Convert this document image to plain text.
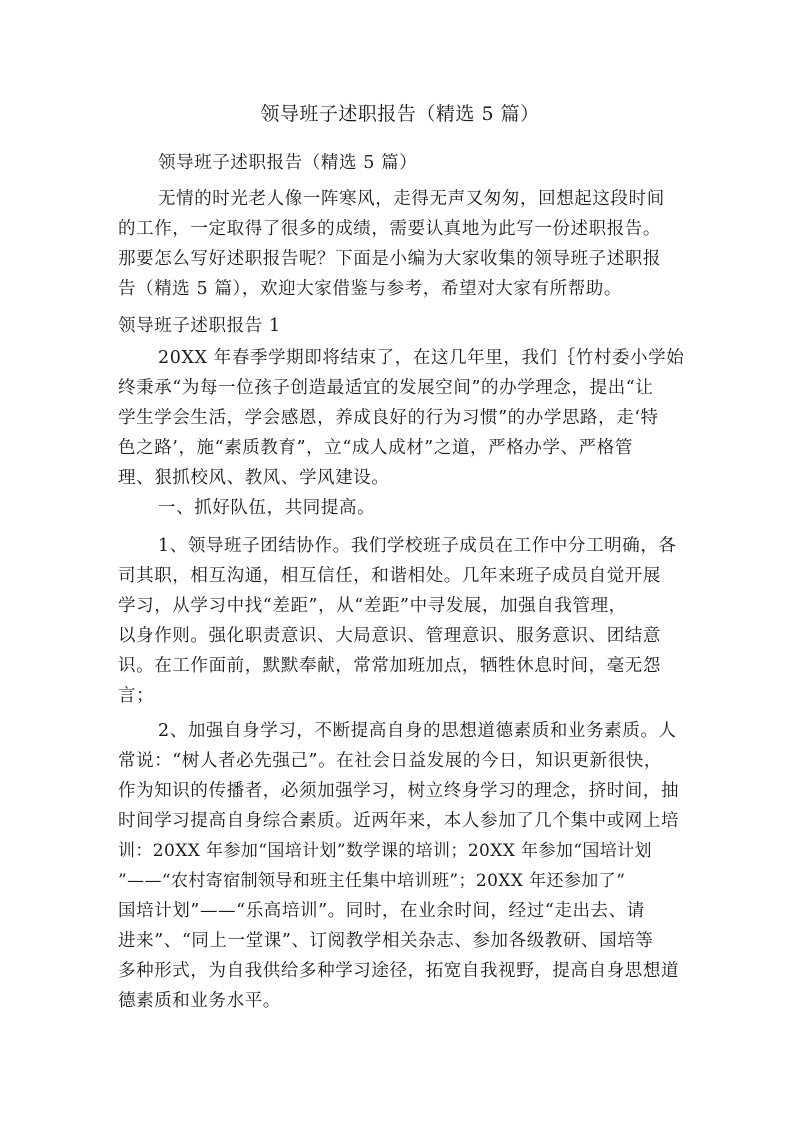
领导班子述职报告（精选 5 篇）
领导班子述职报告（精选 5 篇）
无情的时光老人像一阵寒风，走得无声又匆匆，回想起这段时间
的工作，一定取得了很多的成绩，需要认真地为此写一份述职报告。
那要怎么写好述职报告呢？下面是小编为大家收集的领导班子述职报
告（精选 5 篇），欢迎大家借鉴与参考，希望对大家有所帮助。
领导班子述职报告 1
20XX 年春季学期即将结束了，在这几年里，我们｛竹村委小学始
终秉承“为每一位孩子创造最适宜的发展空间”的办学理念，提出“让
学生学会生活，学会感恩，养成良好的行为习惯”的办学思路，走‘特
色之路’，施“素质教育”，立“成人成材”之道，严格办学、严格管
理、狠抓校风、教风、学风建设。
一、抓好队伍，共同提高。
1、领导班子团结协作。我们学校班子成员在工作中分工明确，各
司其职，相互沟通，相互信任，和谐相处。几年来班子成员自觉开展
学习，从学习中找“差距”，从“差距”中寻发展，加强自我管理，
以身作则。强化职责意识、大局意识、管理意识、服务意识、团结意
识。在工作面前，默默奉献，常常加班加点，牺牲休息时间，毫无怨
言；
2、加强自身学习，不断提高自身的思想道德素质和业务素质。人
常说：“树人者必先强己”。在社会日益发展的今日，知识更新很快，
作为知识的传播者，必须加强学习，树立终身学习的理念，挤时间，抽
时间学习提高自身综合素质。近两年来，本人参加了几个集中或网上培
训：20XX 年参加“国培计划”数学课的培训；20XX 年参加“国培计划
”——“农村寄宿制领导和班主任集中培训班”；20XX 年还参加了“
国培计划”——“乐高培训”。同时，在业余时间，经过“走出去、请
进来”、“同上一堂课”、订阅教学相关杂志、参加各级教研、国培等
多种形式，为自我供给多种学习途径，拓宽自我视野，提高自身思想道
德素质和业务水平。
